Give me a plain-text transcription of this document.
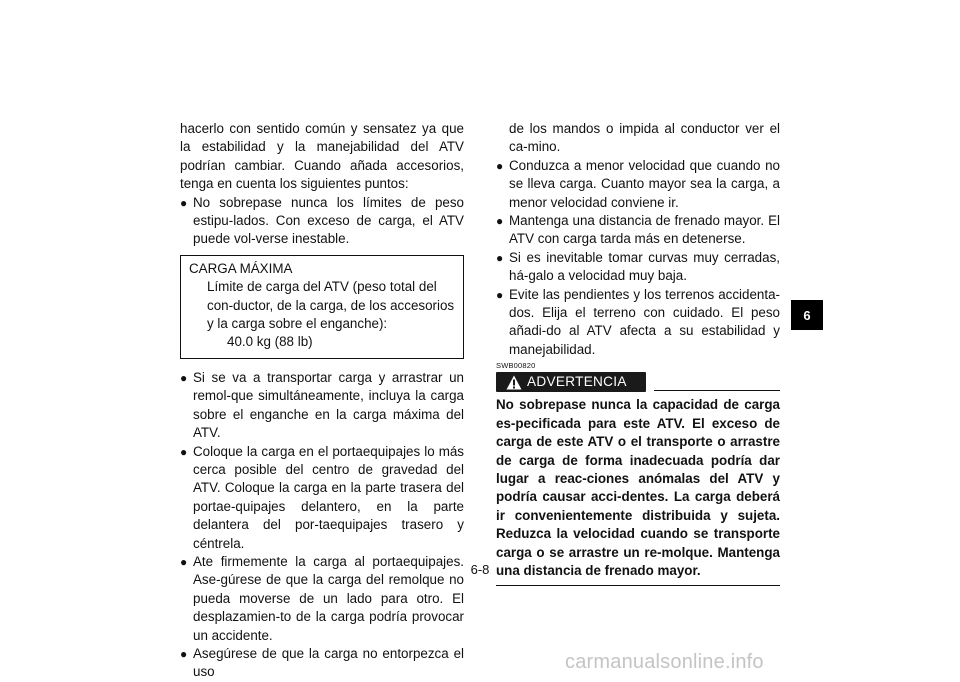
hacerlo con sentido común y sensatez ya que la estabilidad y la manejabilidad del ATV podrían cambiar. Cuando añada accesorios, tenga en cuenta los siguientes puntos:

● No sobrepase nunca los límites de peso estipu-lados. Con exceso de carga, el ATV puede vol-verse inestable.

CARGA MÁXIMA
Límite de carga del ATV (peso total del con-ductor, de la carga, de los accesorios y la carga sobre el enganche):
40.0 kg (88 lb)

● Si se va a transportar carga y arrastrar un remol-que simultáneamente, incluya la carga sobre el enganche en la carga máxima del ATV.

● Coloque la carga en el portaequipajes lo más cerca posible del centro de gravedad del ATV. Coloque la carga en la parte trasera del portae-quipajes delantero, en la parte delantera del por-taequipajes trasero y céntrela.

● Ate firmemente la carga al portaequipajes. Ase-gúrese de que la carga del remolque no pueda moverse de un lado para otro. El desplazamien-to de la carga podría provocar un accidente.

● Asegúrese de que la carga no entorpezca el uso

de los mandos o impida al conductor ver el ca-mino.

● Conduzca a menor velocidad que cuando no se lleva carga. Cuanto mayor sea la carga, a menor velocidad conviene ir.

● Mantenga una distancia de frenado mayor. El ATV con carga tarda más en detenerse.

● Si es inevitable tomar curvas muy cerradas, há-galo a velocidad muy baja.

● Evite las pendientes y los terrenos accidenta-dos. Elija el terreno con cuidado. El peso añadi-do al ATV afecta a su estabilidad y manejabilidad.

SWB00820
ADVERTENCIA

No sobrepase nunca la capacidad de carga es-pecificada para este ATV. El exceso de carga de este ATV o el transporte o arrastre de carga de forma inadecuada podría dar lugar a reac-ciones anómalas del ATV y podría causar acci-dentes. La carga deberá ir convenientemente distribuida y sujeta. Reduzca la velocidad cuando se transporte carga o se arrastre un re-molque. Mantenga una distancia de frenado mayor.

6
6-8
carmanualsonline.info
